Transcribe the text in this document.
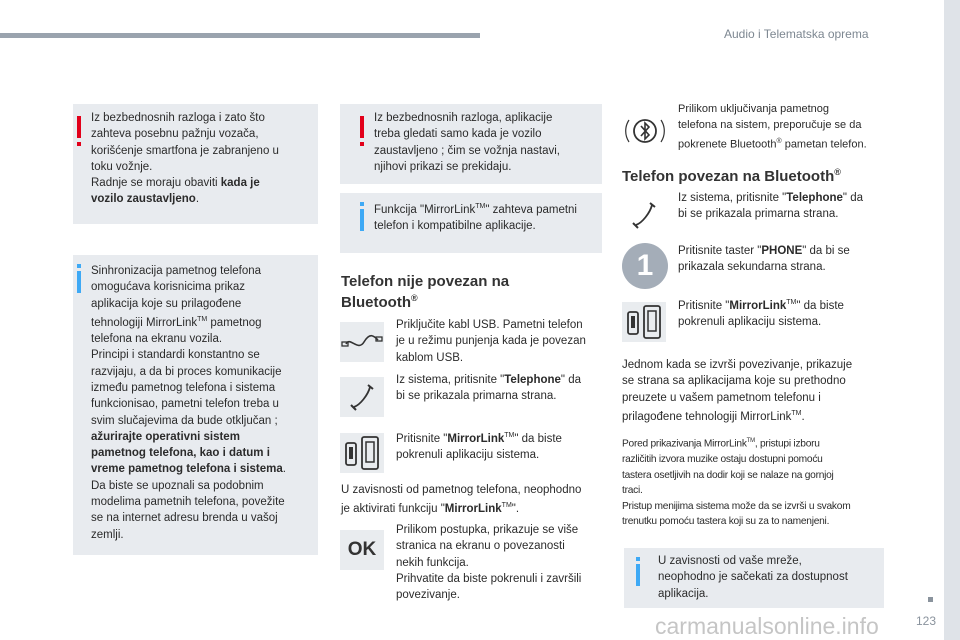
Audio i Telematska oprema
Iz bezbednosnih razloga i zato što
zahteva posebnu pažnju vozača,
korišćenje smartfona je zabranjeno u
toku vožnje.
Radnje se moraju obaviti kada je
vozilo zaustavljeno.
Sinhronizacija pametnog telefona
omogućava korisnicima prikaz
aplikacija koje su prilagođene
tehnologiji MirrorLink™ pametnog
telefona na ekranu vozila.
Principi i standardi konstantno se
razvijaju, a da bi proces komunikacije
između pametnog telefona i sistema
funkcionisao, pametni telefon treba u
svim slučajevima da bude otključan ;
ažurirajte operativni sistem
pametnog telefona, kao i datum i
vreme pametnog telefona i sistema.
Da biste se upoznali sa podobnim
modelima pametnih telefona, povežite
se na internet adresu brenda u vašoj
zemlji.
Iz bezbednosnih razloga, aplikacije
treba gledati samo kada je vozilo
zaustavljeno ; čim se vožnja nastavi,
njihovi prikazi se prekidaju.
Funkcija "MirrorLink™" zahteva pametni
telefon i kompatibilne aplikacije.
Telefon nije povezan na
Bluetooth®
Priključite kabl USB. Pametni telefon
je u režimu punjenja kada je povezan
kablom USB.
Iz sistema, pritisnite "Telephone" da
bi se prikazala primarna strana.
Pritisnite "MirrorLink™" da biste
pokrenuli aplikaciju sistema.
U zavisnosti od pametnog telefona, neophodno
je aktivirati funkciju "MirrorLink™".
OK
Prilikom postupka, prikazuje se više
stranica na ekranu o povezanosti
nekih funkcija.
Prihvatite da biste pokrenuli i završili
povezivanje.
Prilikom uključivanja pametnog
telefona na sistem, preporučuje se da
pokrenete Bluetooth® pametan telefon.
Telefon povezan na Bluetooth®
Iz sistema, pritisnite "Telephone" da
bi se prikazala primarna strana.
1	Pritisnite taster "PHONE" da bi se
prikazala sekundarna strana.
Pritisnite "MirrorLink™" da biste
pokrenuli aplikaciju sistema.
Jednom kada se izvrši povezivanje, prikazuje
se strana sa aplikacijama koje su prethodno
preuzete u vašem pametnom telefonu i
prilagođene tehnologiji MirrorLink™.
Pored prikazivanja MirrorLink™, pristupi izboru
različitih izvora muzike ostaju dostupni pomoću
tastera osetljivih na dodir koji se nalaze na gornjoj
traci.
Pristup menijima sistema može da se izvrši u svakom
trenutku pomoću tastera koji su za to namenjeni.
U zavisnosti od vaše mreže,
neophodno je sačekati za dostupnost
aplikacija.
carmanualsonline.info	123
